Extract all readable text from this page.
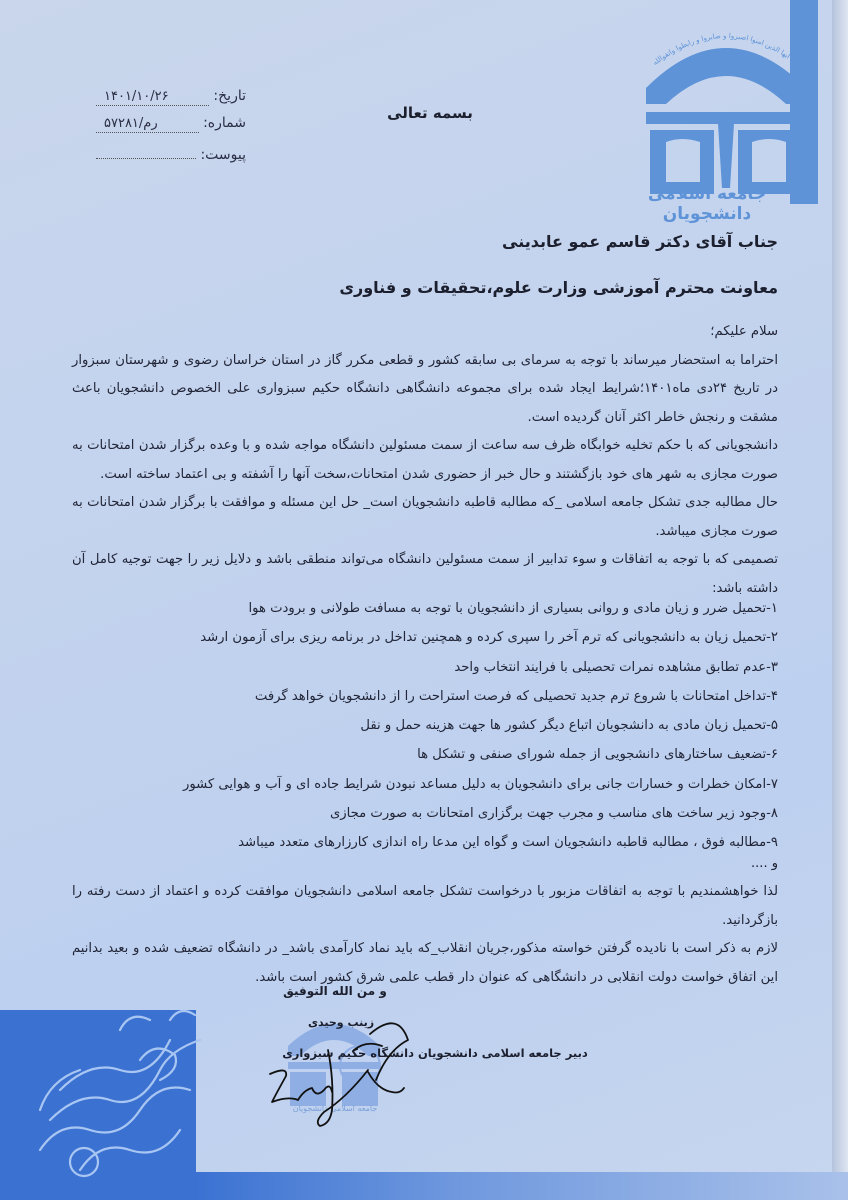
یا ایها الذین امنوا اصبروا و صابروا و رابطوا واتقوالله
جامعه اسلامی دانشجویان
تاریخ:
۱۴۰۱/۱۰/۲۶
شماره:
۵۷۲۸۱/رم
پیوست:
بسمه تعالی
جناب آقای دکتر قاسم عمو عابدینی
معاونت محترم آموزشی وزارت علوم،تحقیقات و فناوری

سلام علیکم؛

احتراما به استحضار میرساند با توجه به سرمای بی سابقه کشور و قطعی مکرر گاز در استان خراسان رضوی و شهرستان سبزوار در تاریخ ۲۴دی ماه۱۴۰۱؛شرایط ایجاد شده برای مجموعه دانشگاهی دانشگاه حکیم سبزواری علی الخصوص دانشجویان باعث مشقت و رنجش خاطر اکثر آنان گردیده است.

دانشجویانی که با حکم تخلیه خوابگاه ظرف سه ساعت از سمت مسئولین دانشگاه مواجه شده و با وعده برگزار شدن امتحانات به صورت مجازی به شهر های خود بازگشتند و حال خبر از حضوری شدن امتحانات،سخت آنها را آشفته و بی اعتماد ساخته است.

حال مطالبه جدی تشکل جامعه اسلامی _که مطالبه قاطبه دانشجویان است_ حل این مسئله و موافقت با برگزار شدن امتحانات به صورت مجازی میباشد.

تصمیمی که با توجه به اتفاقات و سوء تدابیر از سمت مسئولین دانشگاه می‌تواند منطقی باشد و دلایل زیر را جهت توجیه کامل آن داشته باشد:

۱-تحمیل ضرر و زیان مادی و روانی بسیاری از دانشجویان با توجه به مسافت طولانی و برودت هوا
۲-تحمیل زیان به دانشجویانی که ترم آخر را سپری کرده و همچنین تداخل در برنامه ریزی برای آزمون ارشد
۳-عدم تطابق مشاهده نمرات تحصیلی با فرایند انتخاب واحد
۴-تداخل امتحانات با شروع ترم جدید تحصیلی که فرصت استراحت را از دانشجویان خواهد گرفت
۵-تحمیل زیان مادی به دانشجویان اتباع دیگر کشور ها جهت هزینه حمل و نقل
۶-تضعیف ساختارهای دانشجویی از جمله شورای صنفی و تشکل ها
۷-امکان خطرات و خسارات جانی برای دانشجویان به دلیل مساعد نبودن شرایط جاده ای و آب و هوایی کشور
۸-وجود زیر ساخت های مناسب و مجرب جهت برگزاری امتحانات به صورت مجازی
۹-مطالبه فوق ، مطالبه قاطبه دانشجویان است و گواه این مدعا راه اندازی کارزارهای متعدد میباشد
و ....

لذا خواهشمندیم با توجه به اتفاقات مزبور با درخواست تشکل جامعه اسلامی دانشجویان موافقت کرده و اعتماد از دست رفته را بازگردانید.

لازم به ذکر است با نادیده گرفتن خواسته مذکور،جریان انقلاب_که باید نماد کارآمدی باشد_ در دانشگاه تضعیف شده و بعید بدانیم این اتفاق خواست دولت انقلابی در دانشگاهی که عنوان دار قطب علمی شرق کشور است باشد.

جامعه اسلامی دانشجویان
و من الله التوفیق
زینب وحیدی
دبیر جامعه اسلامی دانشجویان دانشگاه حکیم سبزواری
